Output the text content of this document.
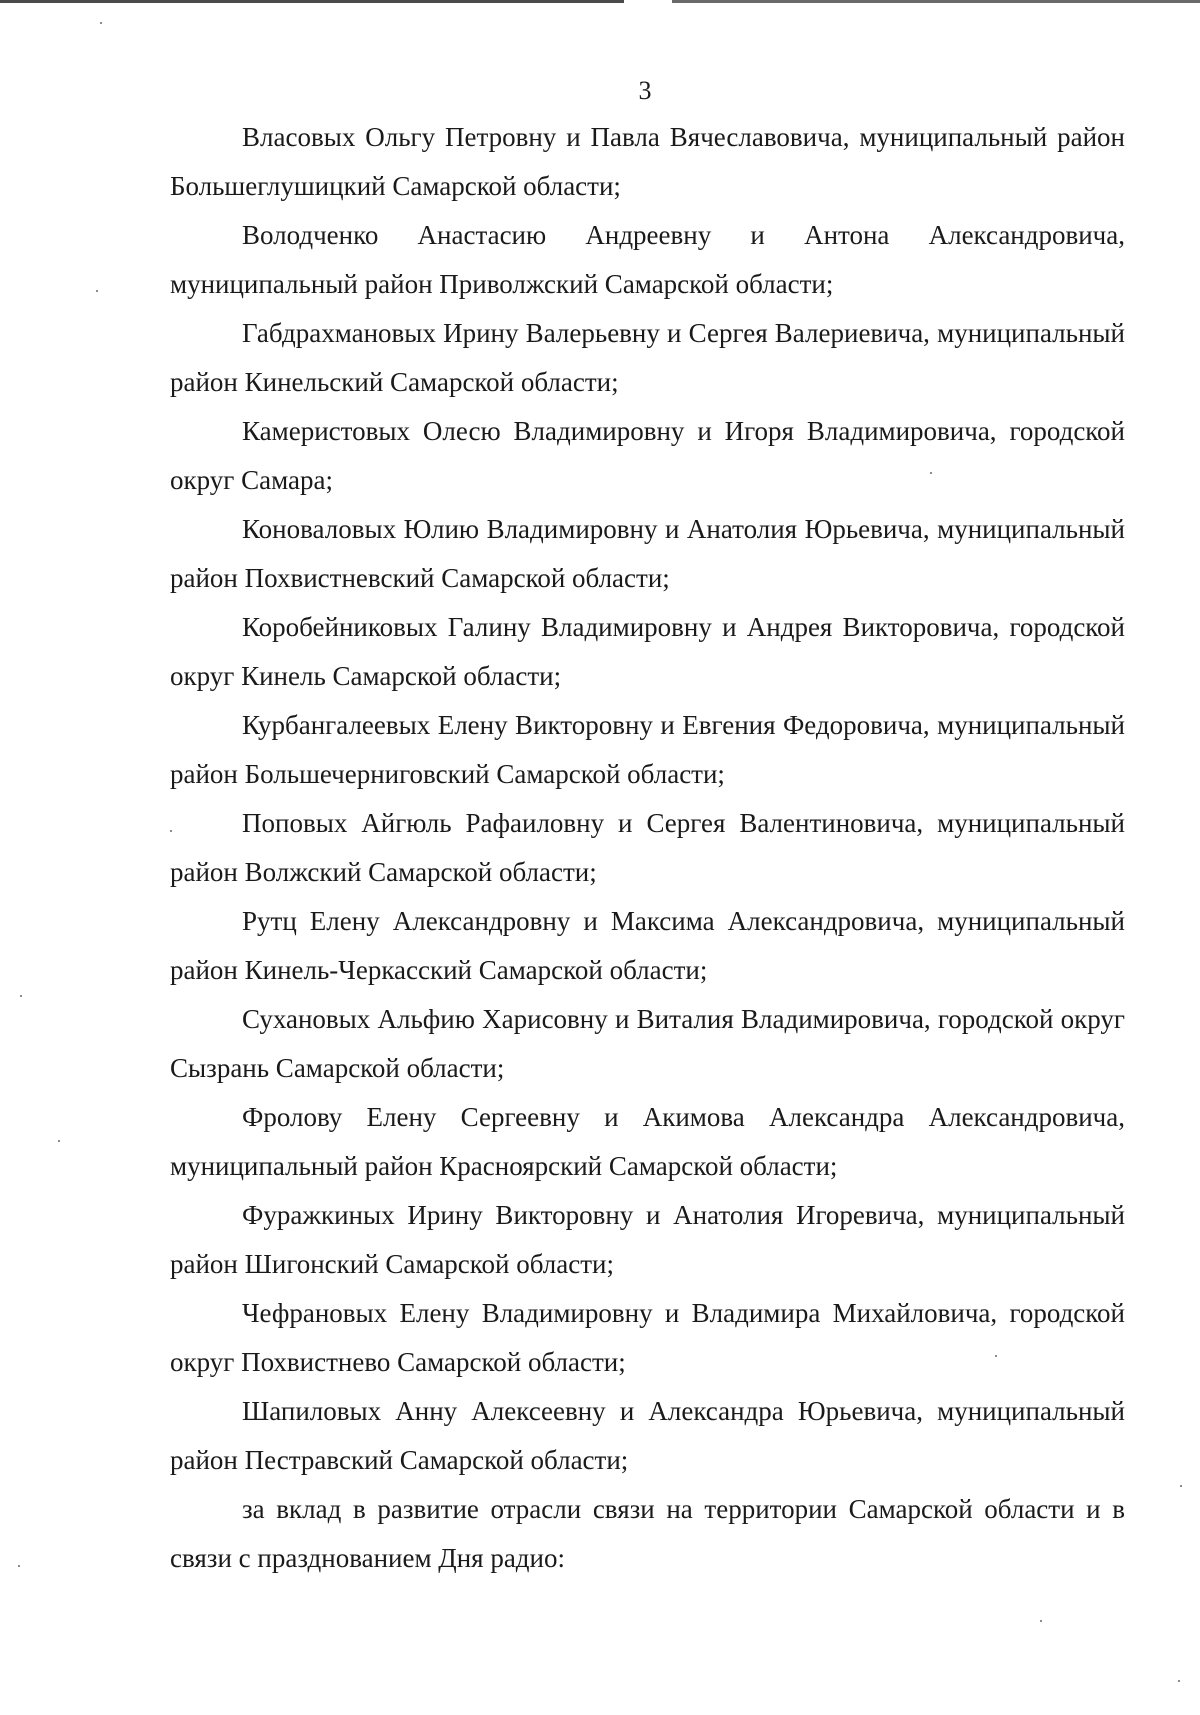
3

Власовых Ольгу Петровну и Павла Вячеславовича, муниципальный район Большеглушицкий Самарской области;

Володченко Анастасию Андреевну и Антона Александровича, муниципальный район Приволжский Самарской области;

Габдрахмановых Ирину Валерьевну и Сергея Валериевича, муниципальный район Кинельский Самарской области;

Камеристовых Олесю Владимировну и Игоря Владимировича, городской округ Самара;

Коноваловых Юлию Владимировну и Анатолия Юрьевича, муниципальный район Похвистневский Самарской области;

Коробейниковых Галину Владимировну и Андрея Викторовича, городской округ Кинель Самарской области;

Курбангалеевых Елену Викторовну и Евгения Федоровича, муниципальный район Большечерниговский Самарской области;

Поповых Айгюль Рафаиловну и Сергея Валентиновича, муниципальный район Волжский Самарской области;

Рутц Елену Александровну и Максима Александровича, муниципальный район Кинель-Черкасский Самарской области;

Сухановых Альфию Харисовну и Виталия Владимировича, городской округ Сызрань Самарской области;

Фролову Елену Сергеевну и Акимова Александра Александровича, муниципальный район Красноярский Самарской области;

Фуражкиных Ирину Викторовну и Анатолия Игоревича, муниципальный район Шигонский Самарской области;

Чефрановых Елену Владимировну и Владимира Михайловича, городской округ Похвистнево Самарской области;

Шапиловых Анну Алексеевну и Александра Юрьевича, муниципальный район Пестравский Самарской области;

за вклад в развитие отрасли связи на территории Самарской области и в связи с празднованием Дня радио:
